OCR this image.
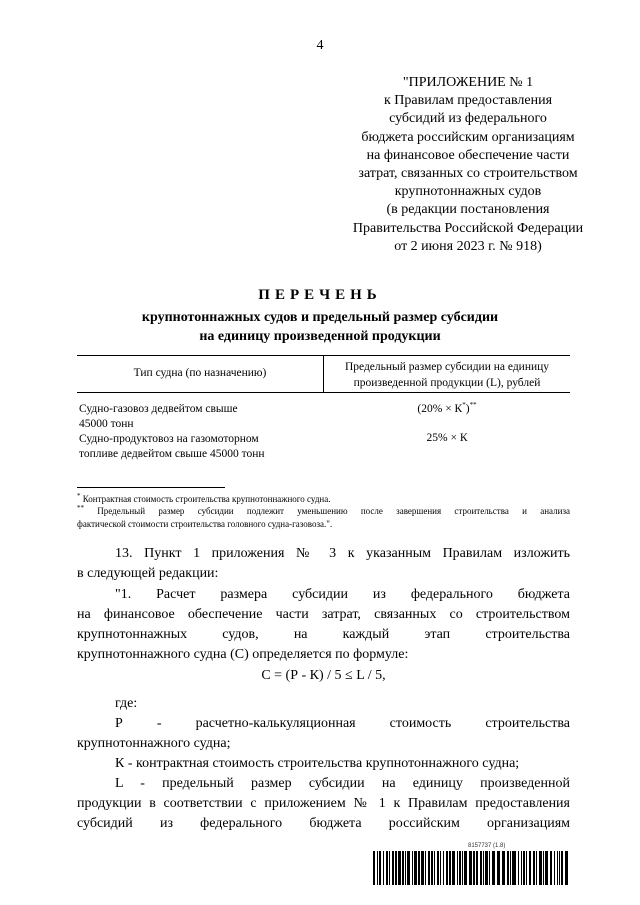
4
"ПРИЛОЖЕНИЕ № 1
к Правилам предоставления
субсидий из федерального
бюджета российским организациям
на финансовое обеспечение части
затрат, связанных со строительством
крупнотоннажных судов
(в редакции постановления
Правительства Российской Федерации
от 2 июня 2023 г. № 918)
ПЕРЕЧЕНЬ
крупнотоннажных судов и предельный размер субсидии
на единицу произведенной продукции
Тип судна (по назначению)	Предельный размер субсидии на единицу
произведенной продукции (L), рублей
Судно-газовоз дедвейтом свыше
45000 тонн
(20% × К*)**
Судно-продуктовоз на газомоторном
топливе дедвейтом свыше 45000 тонн
25% × К
* Контрактная стоимость строительства крупнотоннажного судна.
** Предельный размер субсидии подлежит уменьшению после завершения строительства и анализа
фактической стоимости строительства головного судна-газовоза.".
13. Пункт 1 приложения № 3 к указанным Правилам изложить
в следующей редакции:
"1. Расчет размера субсидии из федерального бюджета
на финансовое обеспечение части затрат, связанных со строительством
крупнотоннажных судов, на каждый этап строительства
крупнотоннажного судна (С) определяется по формуле:
С = (Р - К) / 5 ≤ L / 5,
где:
Р - расчетно-калькуляционная стоимость строительства
крупнотоннажного судна;
К - контрактная стоимость строительства крупнотоннажного судна;
L - предельный размер субсидии на единицу произведенной
продукции в соответствии с приложением № 1 к Правилам предоставления
субсидий из федерального бюджета российским организациям
8157737 (1.8)
